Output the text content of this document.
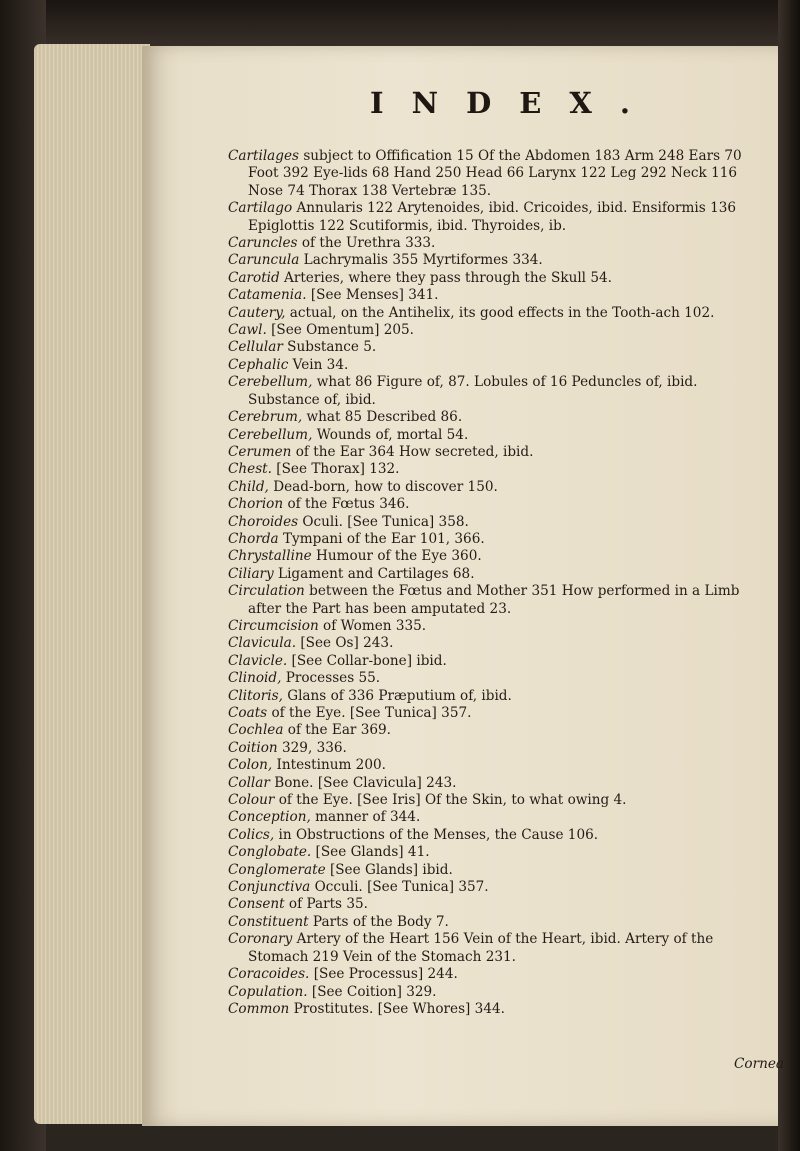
INDEX.

Cartilages subject to Offification 15 Of the Abdomen 183 Arm 248 Ears 70 Foot 392 Eye-lids 68 Hand 250 Head 66 Larynx 122 Leg 292 Neck 116 Nose 74 Thorax 138 Vertebræ 135.

Cartilago Annularis 122 Arytenoides, ibid. Cricoides, ibid. Ensiformis 136 Epiglottis 122 Scutiformis, ibid. Thyroides, ib.

Caruncles of the Urethra 333.

Caruncula Lachrymalis 355 Myrtiformes 334.

Carotid Arteries, where they pass through the Skull 54.

Catamenia. [See Menses] 341.

Cautery, actual, on the Antihelix, its good effects in the Tooth-ach 102.

Cawl. [See Omentum] 205.

Cellular Substance 5.

Cephalic Vein 34.

Cerebellum, what 86 Figure of, 87. Lobules of 16 Peduncles of, ibid. Substance of, ibid.

Cerebrum, what 85 Described 86.

Cerebellum, Wounds of, mortal 54.

Cerumen of the Ear 364 How secreted, ibid.

Chest. [See Thorax] 132.

Child, Dead-born, how to discover 150.

Chorion of the Fœtus 346.

Choroides Oculi. [See Tunica] 358.

Chorda Tympani of the Ear 101, 366.

Chrystalline Humour of the Eye 360.

Ciliary Ligament and Cartilages 68.

Circulation between the Fœtus and Mother 351 How performed in a Limb after the Part has been amputated 23.

Circumcision of Women 335.

Clavicula. [See Os] 243.

Clavicle. [See Collar-bone] ibid.

Clinoid, Processes 55.

Clitoris, Glans of 336 Præputium of, ibid.

Coats of the Eye. [See Tunica] 357.

Cochlea of the Ear 369.

Coition 329, 336.

Colon, Intestinum 200.

Collar Bone. [See Clavicula] 243.

Colour of the Eye. [See Iris] Of the Skin, to what owing 4.

Conception, manner of 344.

Colics, in Obstructions of the Menses, the Cause 106.

Conglobate. [See Glands] 41.

Conglomerate [See Glands] ibid.

Conjunctiva Occuli. [See Tunica] 357.

Consent of Parts 35.

Constituent Parts of the Body 7.

Coronary Artery of the Heart 156 Vein of the Heart, ibid. Artery of the Stomach 219 Vein of the Stomach 231.

Coracoides. [See Processus] 244.

Copulation. [See Coition] 329.

Common Prostitutes. [See Whores] 344.

Cornea
